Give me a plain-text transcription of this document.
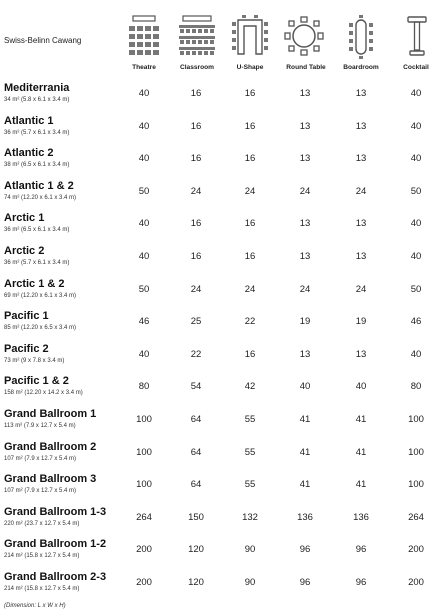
Swiss-Belinn Cawang
Theatre	Classroom	U-Shape	Round Table	Boardroom	Cocktail
Mediterrania
34 m² (5.8 x 6.1 x 3.4 m)
40	16	16	13	13	40
Atlantic 1
36 m² (5.7 x 6.1 x 3.4 m)
40	16	16	13	13	40
Atlantic 2
38 m² (6.5 x 6.1 x 3.4 m)
40	16	16	13	13	40
Atlantic 1 & 2
74 m² (12.20 x 6.1 x 3.4 m)
50	24	24	24	24	50
Arctic 1
36 m² (6.5 x 6.1 x 3.4 m)
40	16	16	13	13	40
Arctic 2
36 m² (5.7 x 6.1 x 3.4 m)
40	16	16	13	13	40
Arctic 1 & 2
69 m² (12.20 x 6.1 x 3.4 m)
50	24	24	24	24	50
Pacific 1
85 m² (12.20 x 6.5 x 3.4 m)
46	25	22	19	19	46
Pacific 2
73 m² (9 x 7.8 x 3.4 m)
40	22	16	13	13	40
Pacific 1 & 2
158 m² (12.20 x 14.2 x 3.4 m)
80	54	42	40	40	80
Grand Ballroom 1
113 m² (7.9 x 12.7 x 5.4 m)
100	64	55	41	41	100
Grand Ballroom 2
107 m² (7.9 x 12.7 x 5.4 m)
100	64	55	41	41	100
Grand Ballroom 3
107 m² (7.9 x 12.7 x 5.4 m)
100	64	55	41	41	100
Grand Ballroom 1-3
220 m² (23.7 x 12.7 x 5.4 m)
264	150	132	136	136	264
Grand Ballroom 1-2
214 m² (15.8 x 12.7 x 5.4 m)
200	120	90	96	96	200
Grand Ballroom 2-3
214 m² (15.8 x 12.7 x 5.4 m)
200	120	90	96	96	200
(Dimension: L x W x H)
